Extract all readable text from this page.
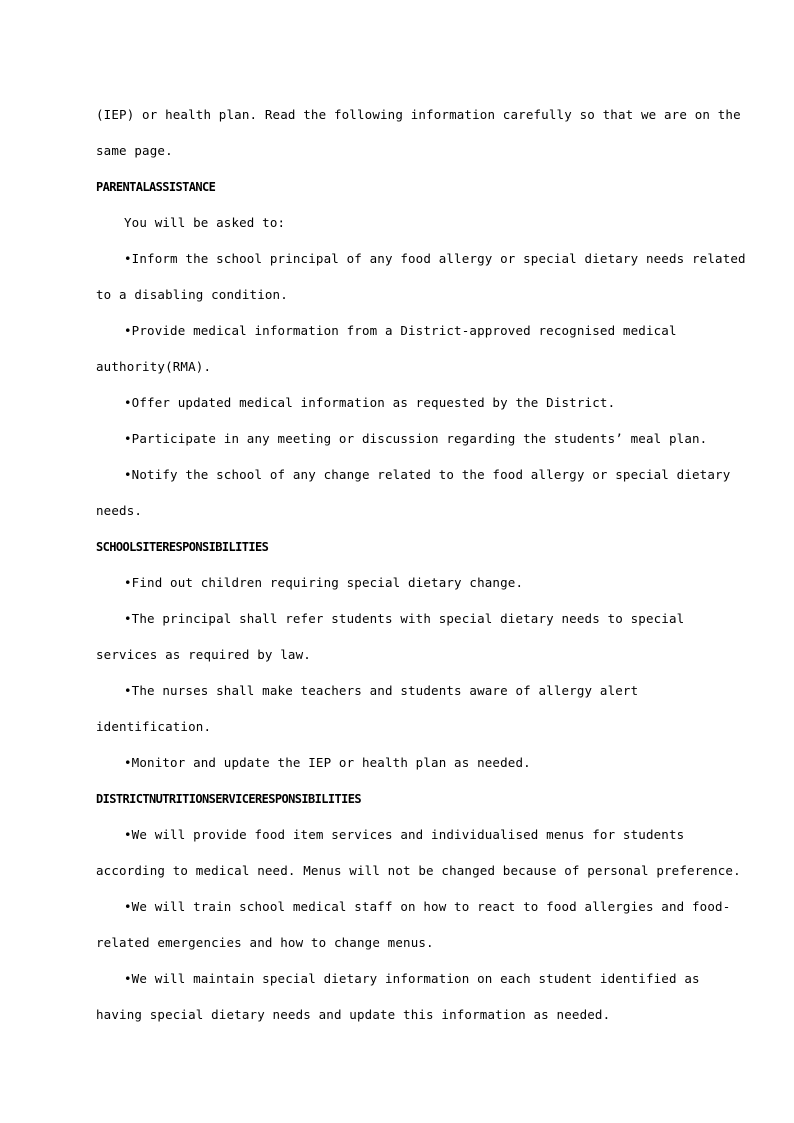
(IEP) or health plan. Read the following information carefully so that we are on the
same page.
PARENTALASSISTANCE
You will be asked to:
•Inform the school principal of any food allergy or special dietary needs related
to a disabling condition.
•Provide medical information from a District-approved recognised medical
authority(RMA).
•Offer updated medical information as requested by the District.
•Participate in any meeting or discussion regarding the students’ meal plan.
•Notify the school of any change related to the food allergy or special dietary
needs.
SCHOOLSITERESPONSIBILITIES
•Find out children requiring special dietary change.
•The principal shall refer students with special dietary needs to special
services as required by law.
•The nurses shall make teachers and students aware of allergy alert
identification.
•Monitor and update the IEP or health plan as needed.
DISTRICTNUTRITIONSERVICERESPONSIBILITIES
•We will provide food item services and individualised menus for students
according to medical need. Menus will not be changed because of personal preference.
•We will train school medical staff on how to react to food allergies and food-
related emergencies and how to change menus.
•We will maintain special dietary information on each student identified as
having special dietary needs and update this information as needed.
